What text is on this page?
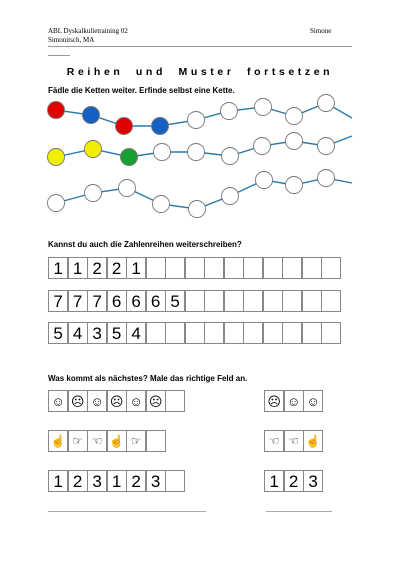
ABL Dyskalkulietraining 02
Simonitsch, MA
Simone
Reihen und Muster fortsetzen
Fädle die Ketten weiter. Erfinde selbst eine Kette.
Kannst du auch die Zahlenreihen weiterschreiben?
1 1 2 2 1
7 7 7 6 6 6 5
5 4 3 5 4
Was kommt als nächstes? Male das richtige Feld an.
☺ ☹ ☺ ☹ ☺ ☹	☹ ☺ ☺
☝ ☞ ☜ ☝ ☞	☜ ☜ ☝
1 2 3 1 2 3	1 2 3
